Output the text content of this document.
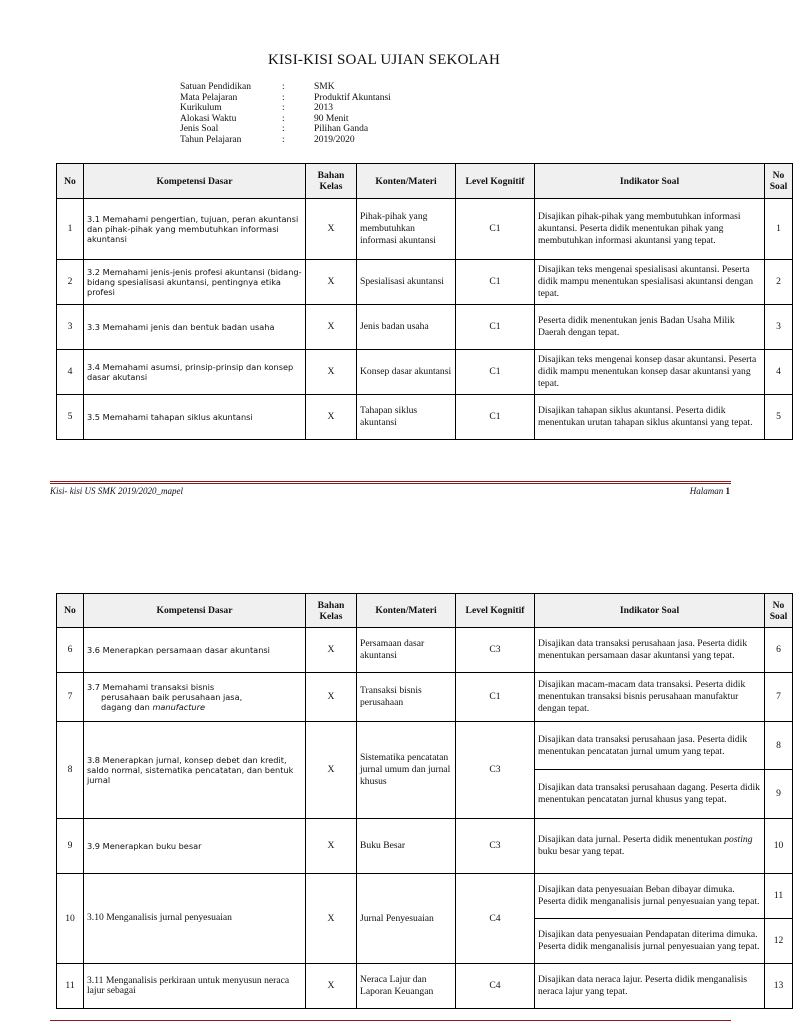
KISI-KISI SOAL UJIAN SEKOLAH
Satuan Pendidikan	:	SMK
Mata Pelajaran	:	Produktif Akuntansi
Kurikulum	:	2013
Alokasi Waktu	:	90 Menit
Jenis Soal	:	Pilihan Ganda
Tahun Pelajaran	:	2019/2020
No	Kompetensi Dasar	Bahan Kelas	Konten/Materi	Level Kognitif	Indikator Soal	No Soal
1	3.1 Memahami pengertian, tujuan, peran akuntansi dan pihak-pihak yang membutuhkan informasi akuntansi	X	Pihak-pihak yang membutuhkan informasi akuntansi	C1	Disajikan pihak-pihak yang membutuhkan informasi akuntansi. Peserta didik menentukan pihak yang membutuhkan informasi akuntansi yang tepat.	1
2	3.2 Memahami jenis-jenis profesi akuntansi (bidang-bidang spesialisasi akuntansi, pentingnya etika profesi	X	Spesialisasi akuntansi	C1	Disajikan teks mengenai spesialisasi akuntansi. Peserta didik mampu menentukan spesialisasi akuntansi dengan tepat.	2
3	3.3 Memahami jenis dan bentuk badan usaha	X	Jenis badan usaha	C1	Peserta didik menentukan jenis Badan Usaha Milik Daerah dengan tepat.	3
4	3.4 Memahami asumsi, prinsip-prinsip dan konsep dasar akutansi	X	Konsep dasar akuntansi	C1	Disajikan teks mengenai konsep dasar akuntansi. Peserta didik mampu menentukan konsep dasar akuntansi yang tepat.	4
5	3.5 Memahami tahapan siklus akuntansi	X	Tahapan siklus akuntansi	C1	Disajikan tahapan siklus akuntansi. Peserta didik menentukan urutan tahapan siklus akuntansi yang tepat.	5
Kisi- kisi US SMK 2019/2020_mapel	Halaman 1
No	Kompetensi Dasar	Bahan Kelas	Konten/Materi	Level Kognitif	Indikator Soal	No Soal
6	3.6 Menerapkan persamaan dasar akuntansi	X	Persamaan dasar akuntansi	C3	Disajikan data transaksi perusahaan jasa. Peserta didik menentukan persamaan dasar akuntansi yang tepat.	6
7	3.7 Memahami transaksi bisnis
perusahaan baik perusahaan jasa,
dagang dan manufacture	X	Transaksi bisnis perusahaan	C1	Disajikan macam-macam data transaksi. Peserta didik menentukan transaksi bisnis perusahaan manufaktur dengan tepat.	7
8	3.8 Menerapkan jurnal, konsep debet dan kredit, saldo normal, sistematika pencatatan, dan bentuk jurnal	X	Sistematika pencatatan jurnal umum dan jurnal khusus	C3	Disajikan data transaksi perusahaan jasa. Peserta didik menentukan pencatatan jurnal umum yang tepat.	8
					Disajikan data transaksi perusahaan dagang. Peserta didik menentukan pencatatan jurnal khusus yang tepat.	9
9	3.9 Menerapkan buku besar	X	Buku Besar	C3	Disajikan data jurnal. Peserta didik menentukan posting buku besar yang tepat.	10
10	3.10 Menganalisis jurnal penyesuaian	X	Jurnal Penyesuaian	C4	Disajikan data penyesuaian Beban dibayar dimuka. Peserta didik menganalisis jurnal penyesuaian yang tepat.	11
					Disajikan data penyesuaian Pendapatan diterima dimuka. Peserta didik menganalisis jurnal penyesuaian yang tepat.	12
11	3.11 Menganalisis perkiraan untuk menyusun neraca lajur sebagai	X	Neraca Lajur dan Laporan Keuangan	C4	Disajikan data neraca lajur. Peserta didik menganalisis neraca lajur yang tepat.	13
